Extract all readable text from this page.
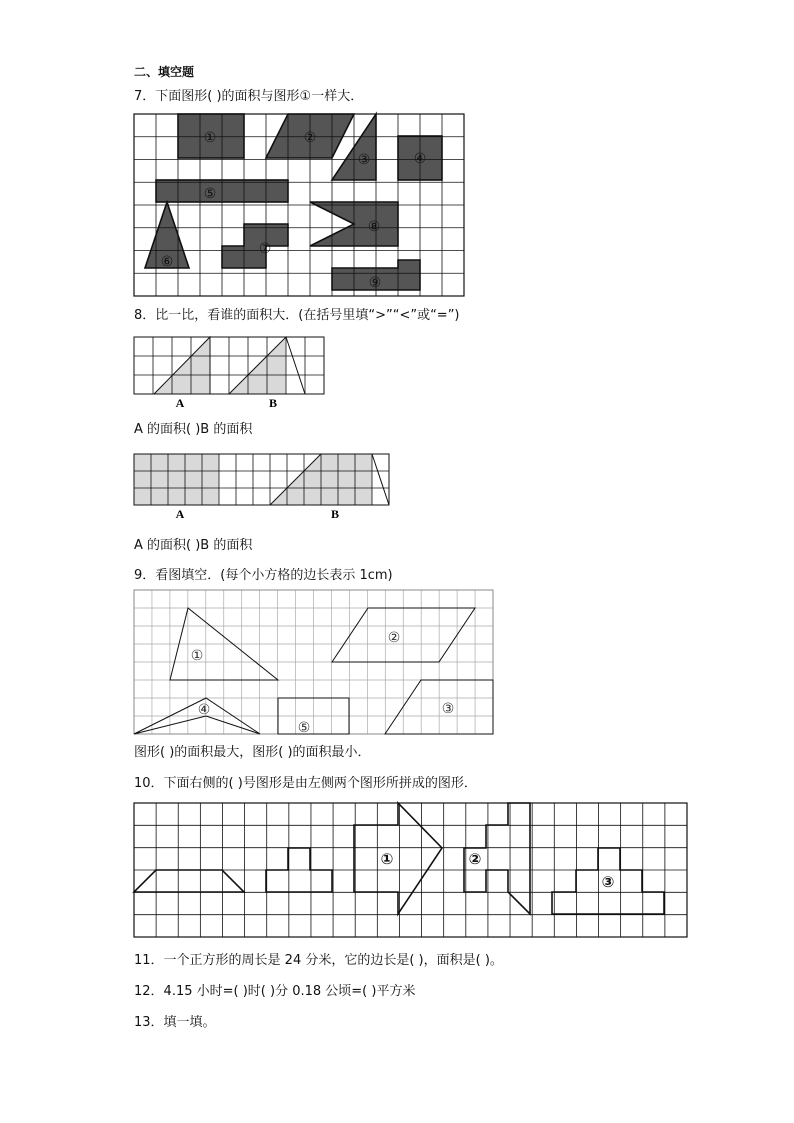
二、填空题
7．下面图形( )的面积与图形①一样大．
①	②
③	④
⑤
⑥
⑦
⑧
⑨
8．比一比，看谁的面积大．(在括号里填“>”“<”或“=”)
A	B
A 的面积( )B 的面积
A	B
A 的面积( )B 的面积
9．看图填空．(每个小方格的边长表示 1cm)
①
②
③
④
⑤
图形( )的面积最大，图形( )的面积最小．
10．下面右侧的( )号图形是由左侧两个图形所拼成的图形．
①	②
③
11．一个正方形的周长是 24 分米，它的边长是( )，面积是( )。
12．4.15 小时=( )时( )分 0.18 公顷=( )平方米
13．填一填。
